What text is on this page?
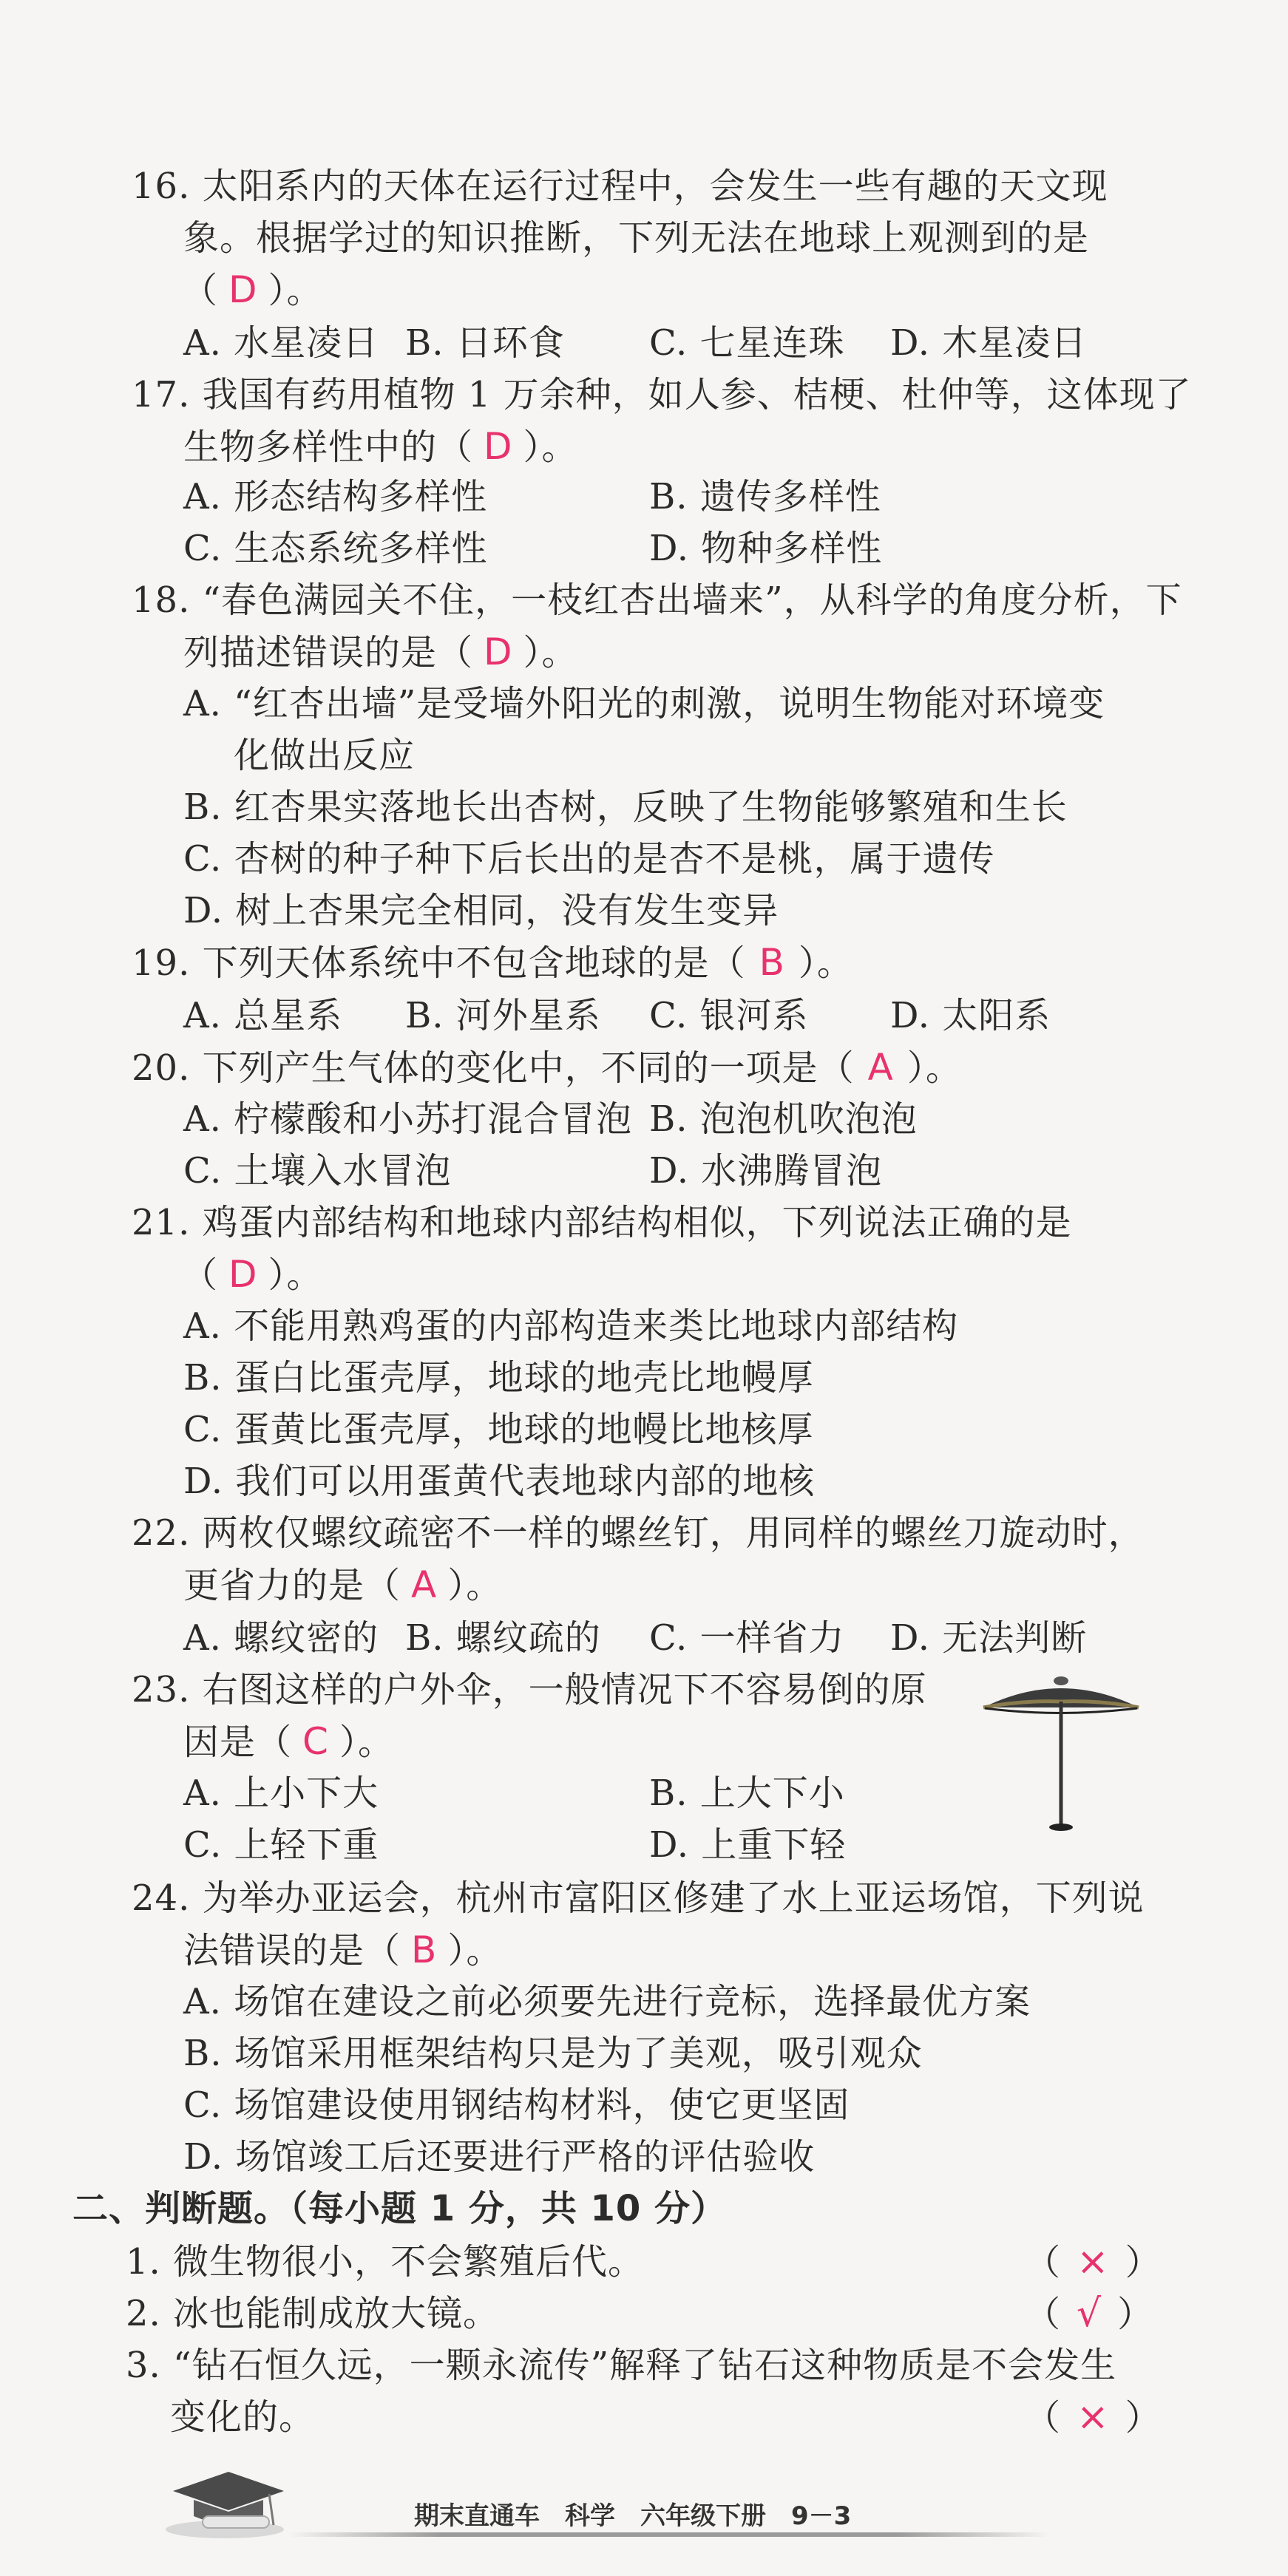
16. 太阳系内的天体在运行过程中，会发生一些有趣的天文现
象。根据学过的知识推断，下列无法在地球上观测到的是
（ D ）。
A. 水星凌日 B. 日环食 C. 七星连珠 D. 木星凌日
17. 我国有药用植物 1 万余种，如人参、桔梗、杜仲等，这体现了
生物多样性中的（ D ）。
A. 形态结构多样性	B. 遗传多样性
C. 生态系统多样性	D. 物种多样性
18. “春色满园关不住，一枝红杏出墙来”，从科学的角度分析，下
列描述错误的是（ D ）。
A. “红杏出墙”是受墙外阳光的刺激，说明生物能对环境变
化做出反应
B. 红杏果实落地长出杏树，反映了生物能够繁殖和生长
C. 杏树的种子种下后长出的是杏不是桃，属于遗传
D. 树上杏果完全相同，没有发生变异
19. 下列天体系统中不包含地球的是（ B ）。
A. 总星系 B. 河外星系 C. 银河系 D. 太阳系
20. 下列产生气体的变化中，不同的一项是（ A ）。
A. 柠檬酸和小苏打混合冒泡 B. 泡泡机吹泡泡
C. 土壤入水冒泡	D. 水沸腾冒泡
21. 鸡蛋内部结构和地球内部结构相似，下列说法正确的是
（ D ）。
A. 不能用熟鸡蛋的内部构造来类比地球内部结构
B. 蛋白比蛋壳厚，地球的地壳比地幔厚
C. 蛋黄比蛋壳厚，地球的地幔比地核厚
D. 我们可以用蛋黄代表地球内部的地核
22. 两枚仅螺纹疏密不一样的螺丝钉，用同样的螺丝刀旋动时，
更省力的是（ A ）。
A. 螺纹密的 B. 螺纹疏的 C. 一样省力 D. 无法判断
23. 右图这样的户外伞，一般情况下不容易倒的原
因是（ C ）。
A. 上小下大	B. 上大下小
C. 上轻下重	D. 上重下轻
24. 为举办亚运会，杭州市富阳区修建了水上亚运场馆，下列说
法错误的是（ B ）。
A. 场馆在建设之前必须要先进行竞标，选择最优方案
B. 场馆采用框架结构只是为了美观，吸引观众
C. 场馆建设使用钢结构材料，使它更坚固
D. 场馆竣工后还要进行严格的评估验收
二、判断题。（每小题 1 分，共 10 分）
1. 微生物很小，不会繁殖后代。	（ × ）
2. 冰也能制成放大镜。	（ √ ）
3. “钻石恒久远，一颗永流传”解释了钻石这种物质是不会发生
变化的。	（ × ）
期末直通车　科学　六年级下册　9－3
